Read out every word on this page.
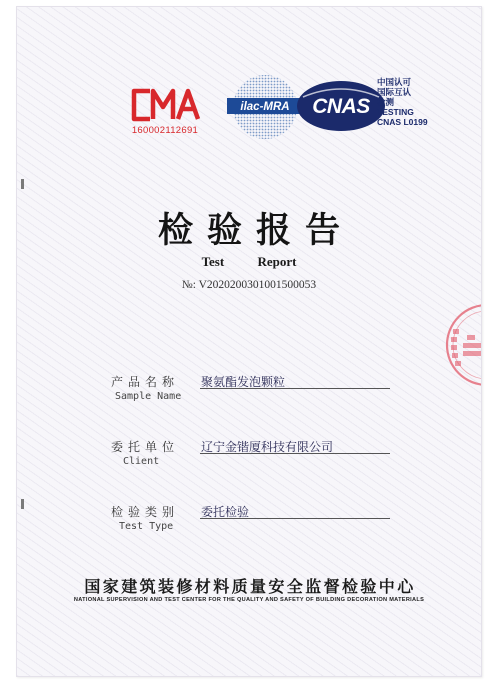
160002112691
ilac-MRA	CNAS
中国认可
国际互认
检测
TESTING
CNAS L0199
检验报告
Test Report
№: V2020200301001500053
产品名称
Sample Name
聚氨酯发泡颗粒
委托单位
Client
辽宁金锴厦科技有限公司
检验类别
Test Type
委托检验
国家建筑装修材料质量安全监督检验中心
NATIONAL SUPERVISION AND TEST CENTER FOR THE QUALITY AND SAFETY OF BUILDING DECORATION MATERIALS
